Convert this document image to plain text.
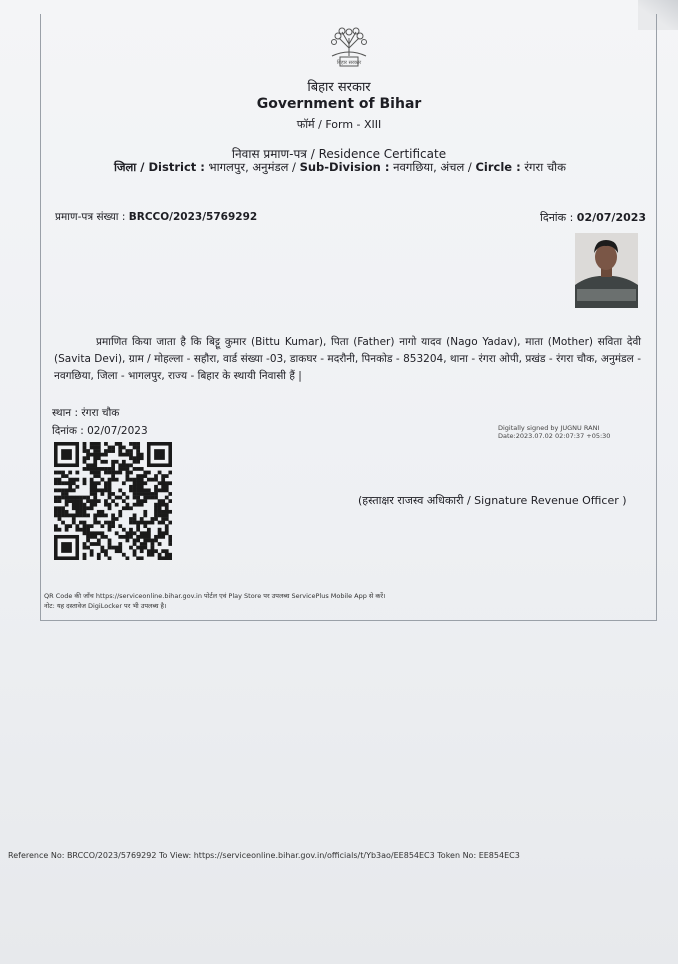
बिहार सरकार
बिहार सरकार
Government of Bihar
फॉर्म / Form - XIII
निवास प्रमाण-पत्र / Residence Certificate
जिला / District : भागलपुर, अनुमंडल / Sub-Division : नवगछिया, अंचल / Circle : रंगरा चौक
प्रमाण-पत्र संख्या : BRCCO/2023/5769292	दिनांक : 02/07/2023
प्रमाणित किया जाता है कि बिट्टू कुमार (Bittu Kumar), पिता (Father) नागो यादव (Nago Yadav), माता (Mother) सविता देवी (Savita Devi), ग्राम / मोहल्ला - सहौरा, वार्ड संख्या -03, डाकघर - मदरौनी, पिनकोड - 853204, थाना - रंगरा ओपी, प्रखंड - रंगरा चौक, अनुमंडल - नवगछिया, जिला - भागलपुर, राज्य - बिहार के स्थायी निवासी हैं |
स्थान : रंगरा चौक
दिनांक : 02/07/2023	Digitally signed by JUGNU RANI
Date:2023.07.02 02:07:37 +05:30
(हस्ताक्षर राजस्व अधिकारी / Signature Revenue Officer )
QR Code की जाँच https://serviceonline.bihar.gov.in पोर्टल एवं Play Store पर उपलब्ध ServicePlus Mobile App से करें।
नोट: यह दस्तावेज DigiLocker पर भी उपलब्ध है।
Reference No: BRCCO/2023/5769292 To View: https://serviceonline.bihar.gov.in/officials/t/Yb3ao/EE854EC3 Token No: EE854EC3
